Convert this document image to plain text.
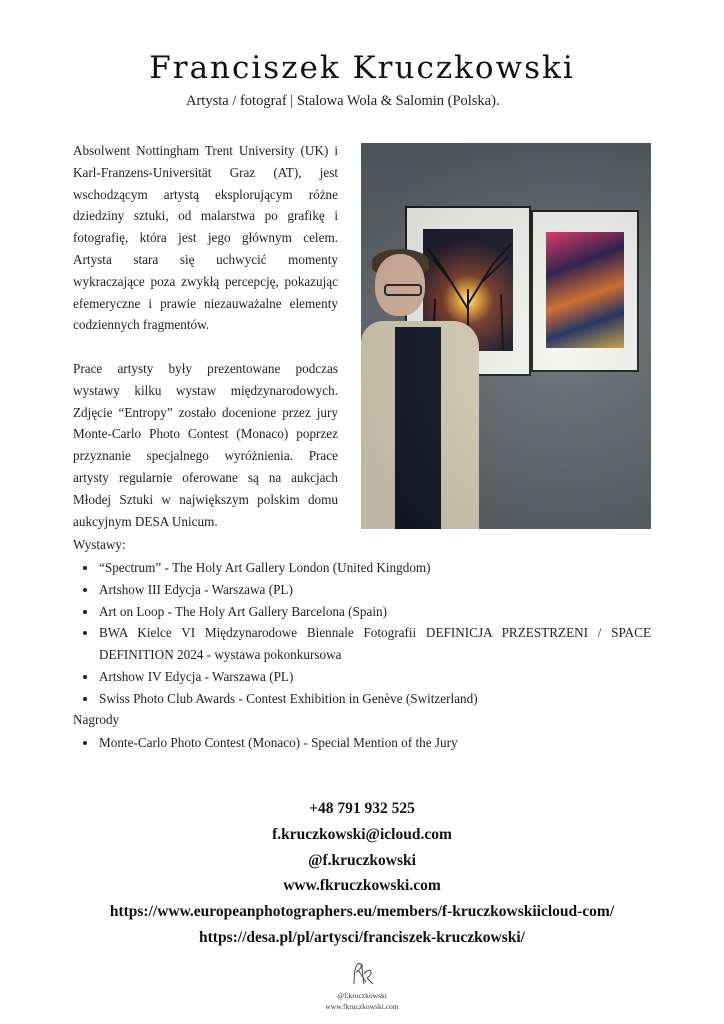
Franciszek Kruczkowski
Artysta / fotograf | Stalowa Wola & Salomin (Polska).

Absolwent Nottingham Trent University (UK) i Karl-Franzens-Universität Graz (AT), jest wschodzącym artystą eksplorującym różne dziedziny sztuki, od malarstwa po grafikę i fotografię, która jest jego głównym celem. Artysta stara się uchwycić momenty wykraczające poza zwykłą percepcję, pokazując efemeryczne i prawie niezauważalne elementy codziennych fragmentów.

Prace artysty były prezentowane podczas wystawy kilku wystaw międzynarodowych. Zdjęcie “Entropy” zostało docenione przez jury Monte-Carlo Photo Contest (Monaco) poprzez przyznanie specjalnego wyróżnienia. Prace artysty regularnie oferowane są na aukcjach Młodej Sztuki w największym polskim domu aukcyjnym DESA Unicum.

Wystawy:
“Spectrum” - The Holy Art Gallery London (United Kingdom)
Artshow III Edycja - Warszawa (PL)
Art on Loop - The Holy Art Gallery Barcelona (Spain)
BWA Kielce VI Międzynarodowe Biennale Fotografii DEFINICJA PRZESTRZENI / SPACE DEFINITION 2024 - wystawa pokonkursowa
Artshow IV Edycja - Warszawa (PL)
Swiss Photo Club Awards - Contest Exhibition in Genève (Switzerland)
Nagrody
Monte-Carlo Photo Contest (Monaco) - Special Mention of the Jury
+48 791 932 525
f.kruczkowski@icloud.com
@f.kruczkowski
www.fkruczkowski.com
https://www.europeanphotographers.eu/members/f-kruczkowskiicloud-com/
https://desa.pl/pl/artysci/franciszek-kruczkowski/
@f.kruczkowski
www.fkruczkowski.com
